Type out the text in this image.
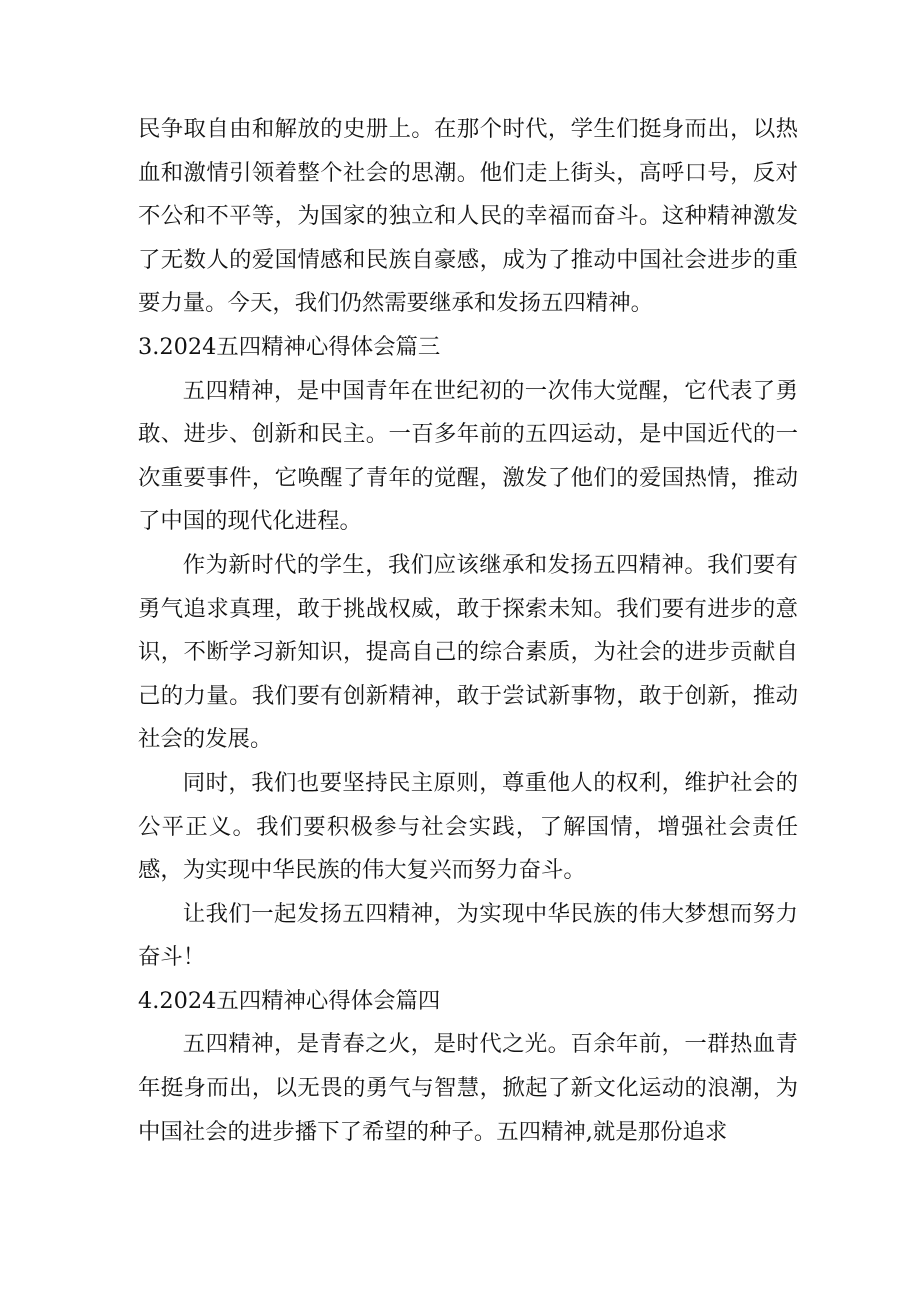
民争取自由和解放的史册上。在那个时代，学生们挺身而出，以热血和激情引领着整个社会的思潮。他们走上街头，高呼口号，反对不公和不平等，为国家的独立和人民的幸福而奋斗。这种精神激发了无数人的爱国情感和民族自豪感，成为了推动中国社会进步的重要力量。今天，我们仍然需要继承和发扬五四精神。

3.2024五四精神心得体会篇三

五四精神，是中国青年在世纪初的一次伟大觉醒，它代表了勇敢、进步、创新和民主。一百多年前的五四运动，是中国近代的一次重要事件，它唤醒了青年的觉醒，激发了他们的爱国热情，推动了中国的现代化进程。

作为新时代的学生，我们应该继承和发扬五四精神。我们要有勇气追求真理，敢于挑战权威，敢于探索未知。我们要有进步的意识，不断学习新知识，提高自己的综合素质，为社会的进步贡献自己的力量。我们要有创新精神，敢于尝试新事物，敢于创新，推动社会的发展。

同时，我们也要坚持民主原则，尊重他人的权利，维护社会的公平正义。我们要积极参与社会实践，了解国情，增强社会责任感，为实现中华民族的伟大复兴而努力奋斗。

让我们一起发扬五四精神，为实现中华民族的伟大梦想而努力奋斗！

4.2024五四精神心得体会篇四

五四精神，是青春之火，是时代之光。百余年前，一群热血青年挺身而出，以无畏的勇气与智慧，掀起了新文化运动的浪潮，为中国社会的进步播下了希望的种子。五四精神,就是那份追求
